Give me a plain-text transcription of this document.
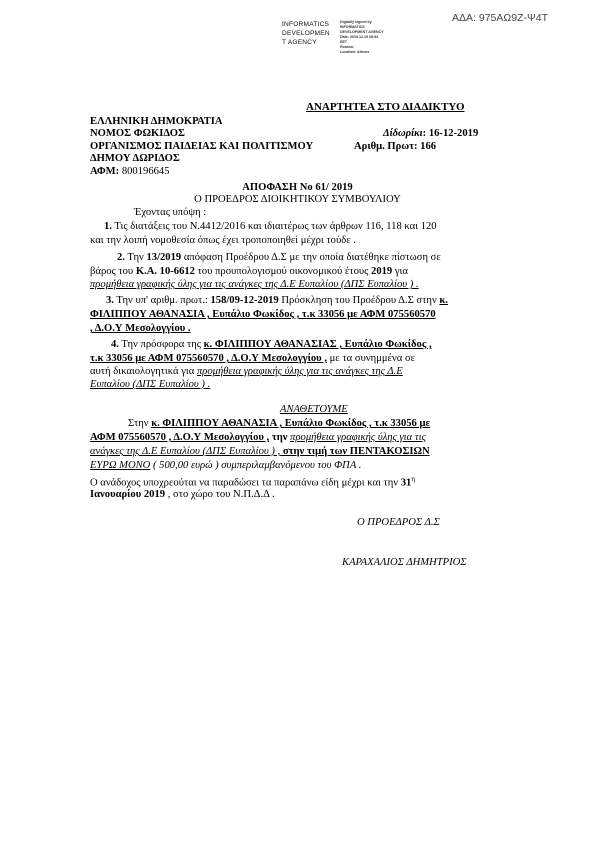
ΑΔΑ: 975ΑΩ9Ζ-Ψ4Τ
INFORMATICS
DEVELOPMEN
T AGENCY
Digitally signed by
INFORMATICS
DEVELOPMENT AGENCY
Date: 2019.12.19 08:53
EET
Reason:
Location: Athens
ΑΝΑΡΤΗΤΕΑ ΣΤΟ ΔΙΑΔΙΚΤΥΟ
ΕΛΛΗΝΙΚΗ ΔΗΜΟΚΡΑΤΙΑ
ΝΟΜΟΣ ΦΩΚΙΔΟΣ	Δίδωρίκι: 16-12-2019
ΟΡΓΑΝΙΣΜΟΣ ΠΑΙΔΕΙΑΣ ΚΑΙ ΠΟΛΙΤΙΣΜΟΥ	Αριθμ. Πρωτ: 166
ΔΗΜΟΥ ΔΩΡΙΔΟΣ
ΑΦΜ: 800196645
ΑΠΟΦΑΣΗ Νο 61/ 2019
Ο ΠΡΟΕΔΡΟΣ ΔΙΟΙΚΗΤΙΚΟΥ ΣΥΜΒΟΥΛΙΟΥ
Έχοντας υπόψη :
1. Τις διατάξεις του Ν.4412/2016 και ιδιαιτέρως των άρθρων 116, 118 και 120
και την λοιπή νομοθεσία όπως έχει τροποποιηθεί μέχρι τούδε .
2. Την 13/2019 απόφαση Προέδρου Δ.Σ με την οποία διατέθηκε πίστωση σε
βάρος του Κ.Α. 10-6612 του προυπολογισμού οικονομικού έτους 2019 για
προμήθεια γραφικής ύλης για τις ανάγκες της Δ.Ε Ευπαλίου (ΔΠΣ Ευπαλίου ) .
3. Την υπ' αριθμ. πρωτ.: 158/09-12-2019 Πρόσκληση του Προέδρου Δ.Σ στην κ.
ΦΙΛΙΠΠΟΥ ΑΘΑΝΑΣΙΑ , Ευπάλιο Φωκίδος , τ.κ 33056 με ΑΦΜ 075560570
, Δ.Ο.Υ Μεσολογγίου .
4. Την πρόσφορα της κ. ΦΙΛΙΠΠΟΥ ΑΘΑΝΑΣΙΑΣ , Ευπάλιο Φωκίδος ,
τ.κ 33056 με ΑΦΜ 075560570 , Δ.Ο.Υ Μεσολογγίου , με τα συνημμένα σε
αυτή δικαιολογητικά για προμήθεια γραφικής ύλης για τις ανάγκες της Δ.Ε
Ευπαλίου (ΔΠΣ Ευπαλίου ) .
ΑΝΑΘΕΤΟΥΜΕ
Στην κ. ΦΙΛΙΠΠΟΥ ΑΘΑΝΑΣΙΑ , Ευπάλιο Φωκίδος , τ.κ 33056 με
ΑΦΜ 075560570 , Δ.Ο.Υ Μεσολογγίου , την προμήθεια γραφικής ύλης για τις
ανάγκες της Δ.Ε Ευπαλίου (ΔΠΣ Ευπαλίου ) , στην τιμή των ΠΕΝΤΑΚΟΣΙΩΝ
ΕΥΡΩ ΜΟΝΟ ( 500,00 ευρώ ) συμπεριλαμβανόμενου του ΦΠΑ .
Ο ανάδοχος υποχρεούται να παραδώσει τα παραπάνω είδη μέχρι και την $31^\eta$
Ιανουαρίου 2019 , στο χώρο του Ν.Π.Δ.Δ .
Ο ΠΡΟΕΔΡΟΣ Δ.Σ
ΚΑΡΑΧΑΛΙΟΣ ΔΗΜΗΤΡΙΟΣ
